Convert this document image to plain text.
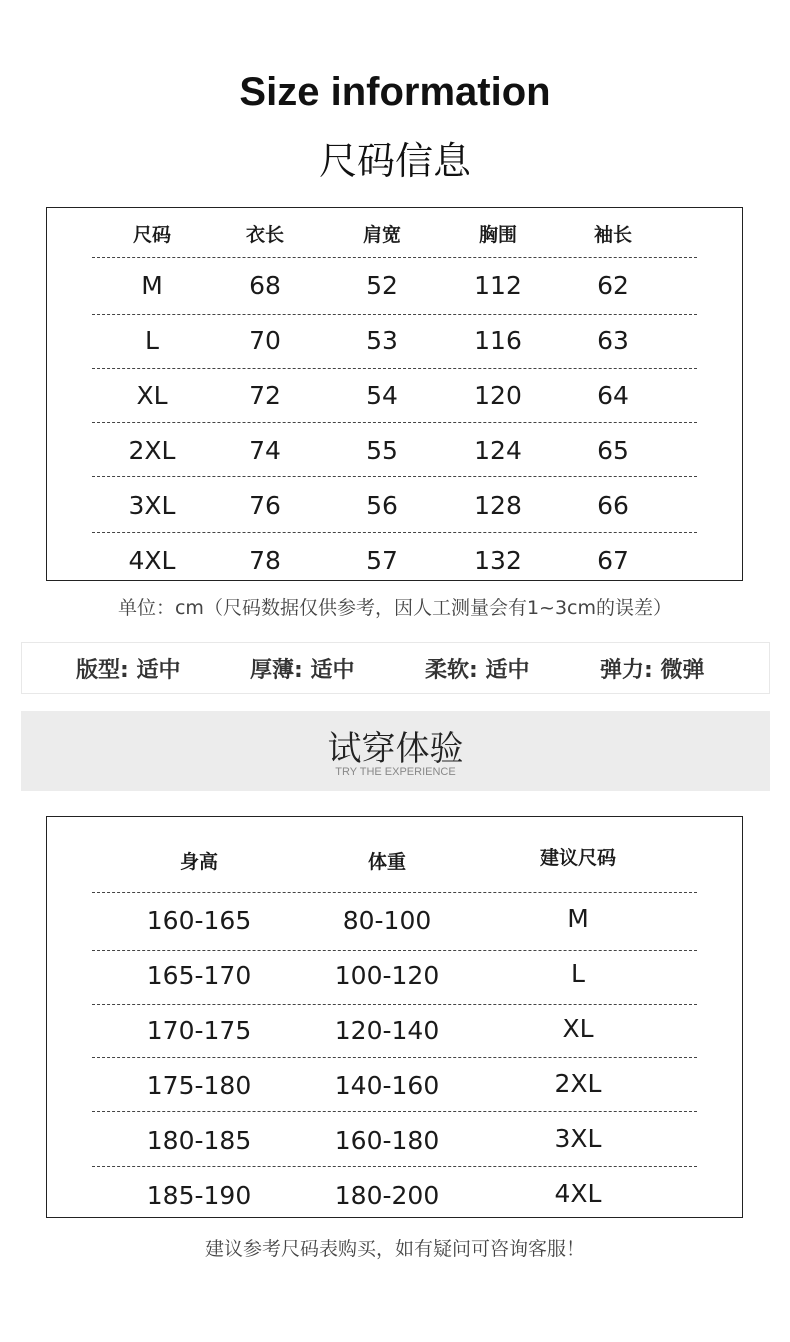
Size information
尺码信息
尺码	衣长	肩宽	胸围	袖长
M	68	52	112	62
L	70	53	116	63
XL	72	54	120	64
2XL	74	55	124	65
3XL	76	56	128	66
4XL	78	57	132	67
单位：cm（尺码数据仅供参考，因人工测量会有1~3cm的误差）
版型: 适中	厚薄: 适中	柔软: 适中	弹力: 微弹
试穿体验
TRY THE EXPERIENCE
身高	体重	建议尺码
160-165	80-100	M
165-170	100-120	L
170-175	120-140	XL
175-180	140-160	2XL
180-185	160-180	3XL
185-190	180-200	4XL
建议参考尺码表购买，如有疑问可咨询客服！
